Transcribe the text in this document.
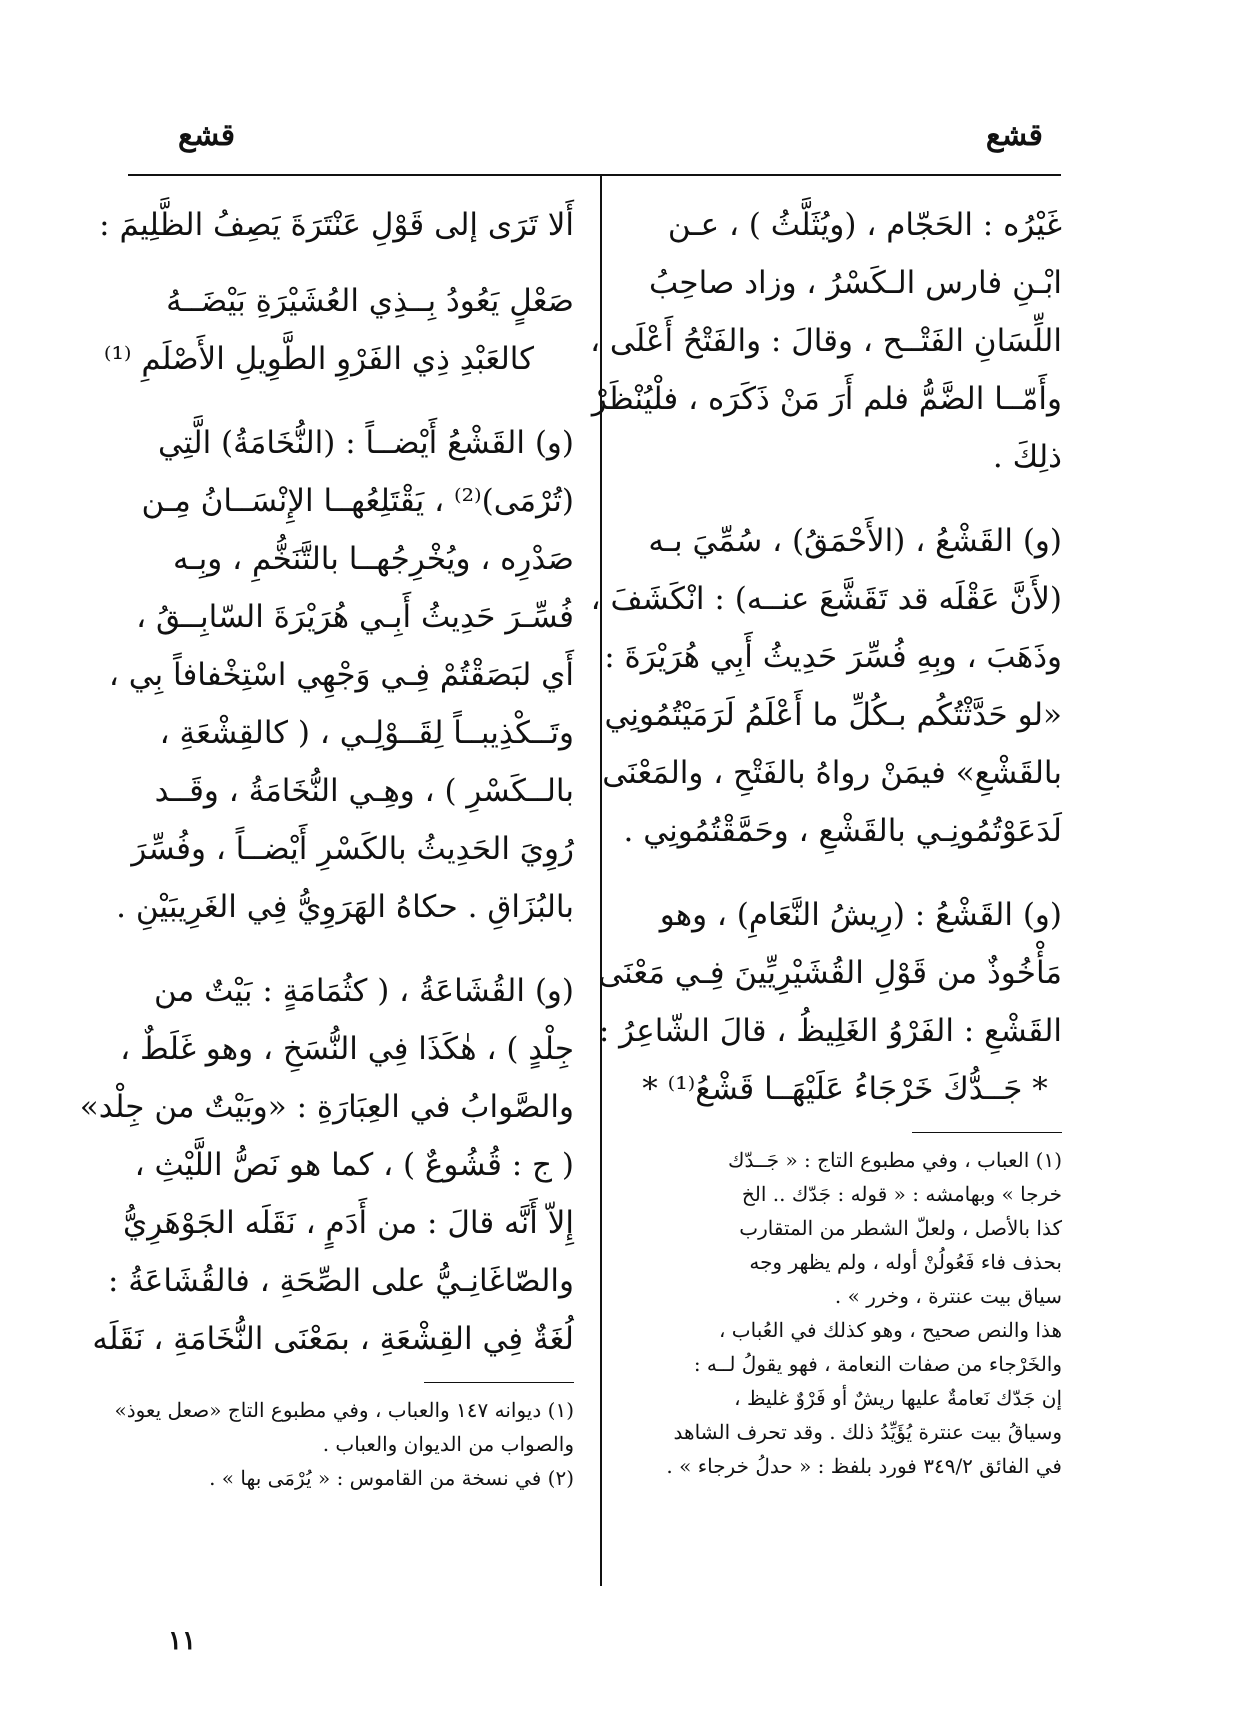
قشع
قشع
غَيْرُه : الحَجّام ، (ويُثَلَّثُ ) ، عـن
ابْـنِ فارس الـكَسْرُ ، وزاد صاحِبُ
اللِّسَانِ الفَتْــح ، وقالَ : والفَتْحُ أَعْلَى ،
وأَمّــا الضَّمُّ فلم أَرَ مَنْ ذَكَرَه ، فلْيُنْظَرْ
ذلِكَ .
(و) القَشْعُ ، (الأَحْمَقُ) ، سُمِّيَ بـه
(لأَنَّ عَقْلَه قد تَقَشَّعَ عنــه) : انْكَشَفَ ،
وذَهَبَ ، وبِهِ فُسِّرَ حَدِيثُ أَبِي هُرَيْرَةَ :
«لو حَدَّثْتُكُم بـكُلِّ ما أَعْلَمُ لَرَمَيْتُمُونِي
بالقَشْعِ» فيمَنْ رواهُ بالفَتْحِ ، والمَعْنَى
لَدَعَوْتُمُونِـي بالقَشْعِ ، وحَمَّقْتُمُونِي .
(و) القَشْعُ : (رِيشُ النَّعَامِ) ، وهو
مَأْخُوذٌ من قَوْلِ القُشَيْرِيِّينَ فِـي مَعْنَى
القَشْعِ : الفَرْوُ الغَلِيظُ ، قالَ الشّاعِرُ :
* جَــدُّكَ خَرْجَاءُ عَلَيْهَــا قَشْعُ⁽¹⁾ *
(١) العباب ، وفي مطبوع التاج : « جَــدّك
خرجا » وبهامشه : « قوله : جَدّك .. الخ
كذا بالأصل ، ولعلّ الشطر من المتقارب
بحذف فاء فَعُولُنْ أوله ، ولم يظهر وجه
سياق بيت عنترة ، وخرر » .
هذا والنص صحيح ، وهو كذلك في العُباب ،
والخَرْجاء من صفات النعامة ، فهو يقولُ لــه :
إن جَدّك نَعامةٌ عليها ريشٌ أو فَرْوٌ غليظ ،
وسياقُ بيت عنترة يُؤَيِّدُ ذلك . وقد تحرف الشاهد
في الفائق ٣٤٩/٢ فورد بلفظ : « حدلُ خرجاء » .
أَلا تَرَى إلى قَوْلِ عَنْتَرَةَ يَصِفُ الظَّلِيمَ :
صَعْلٍ يَعُودُ بِــذِي العُشَيْرَةِ بَيْضَــهُ
كالعَبْدِ ذِي الفَرْوِ الطَّوِيلِ الأَصْلَمِ ⁽¹⁾
(و) القَشْعُ أَيْضــاً : (النُّخَامَةُ) الَّتِي
(تُرْمَى)⁽²⁾ ، يَقْتَلِعُهــا الإِنْسَــانُ مِـن
صَدْرِه ، ويُخْرِجُهــا بالتَّنَخُّمِ ، وبِـه
فُسِّـرَ حَدِيثُ أَبِـي هُرَيْرَةَ السّابِــقُ ،
أَي لبَصَقْتُمْ فِـي وَجْهِي اسْتِخْفافاً بِي ،
وتَــكْذِيبــاً لِقَــوْلِـي ، ( كالقِشْعَةِ ،
بالــكَسْرِ ) ، وهِـي النُّخَامَةُ ، وقَــد
رُوِيَ الحَدِيثُ بالكَسْرِ أَيْضــاً ، وفُسِّرَ
بالبُزَاقِ . حكاهُ الهَرَوِيُّ فِي الغَرِيبَيْنِ .
(و) القُشَاعَةُ ، ( كثُمَامَةٍ : بَيْتٌ من
جِلْدٍ ) ، هٰكَذَا فِي النُّسَخِ ، وهو غَلَطٌ ،
والصَّوابُ في العِبَارَةِ : «وبَيْتٌ من جِلْد»
( ج : قُشُوعٌ ) ، كما هو نَصُّ اللَّيْثِ ،
إِلاّ أَنَّه قالَ : من أَدَمٍ ، نَقَلَه الجَوْهَرِيُّ
والصّاغَانِـيُّ على الصِّحَةِ ، فالقُشَاعَةُ :
لُغَةٌ فِي القِشْعَةِ ، بمَعْنَى النُّخَامَةِ ، نَقَلَه
(١) ديوانه ١٤٧ والعباب ، وفي مطبوع التاج «صعل يعوذ»
والصواب من الديوان والعباب .
(٢) في نسخة من القاموس : « يُرْمَى بها » .
١١
